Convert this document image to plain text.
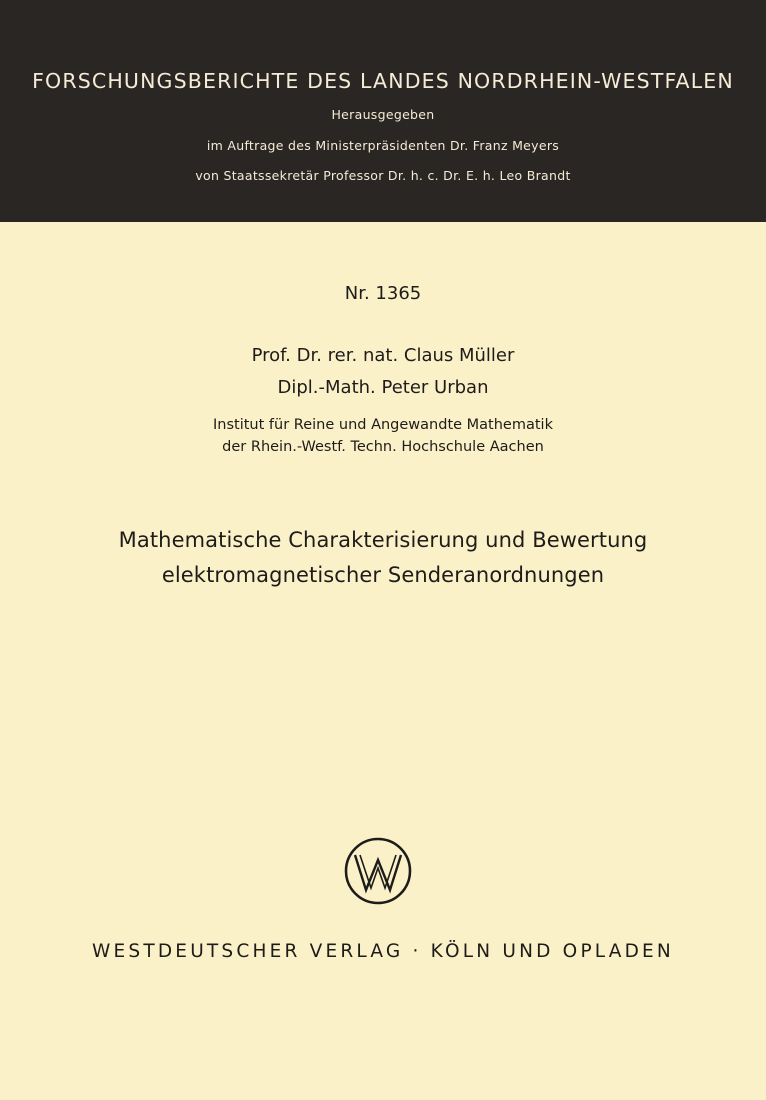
FORSCHUNGSBERICHTE DES LANDES NORDRHEIN-WESTFALEN
Herausgegeben
im Auftrage des Ministerpräsidenten Dr. Franz Meyers
von Staatssekretär Professor Dr. h. c. Dr. E. h. Leo Brandt
Nr. 1365
Prof. Dr. rer. nat. Claus Müller
Dipl.-Math. Peter Urban
Institut für Reine und Angewandte Mathematik
der Rhein.-Westf. Techn. Hochschule Aachen
Mathematische Charakterisierung und Bewertung
elektromagnetischer Senderanordnungen
WESTDEUTSCHER VERLAG · KÖLN UND OPLADEN
